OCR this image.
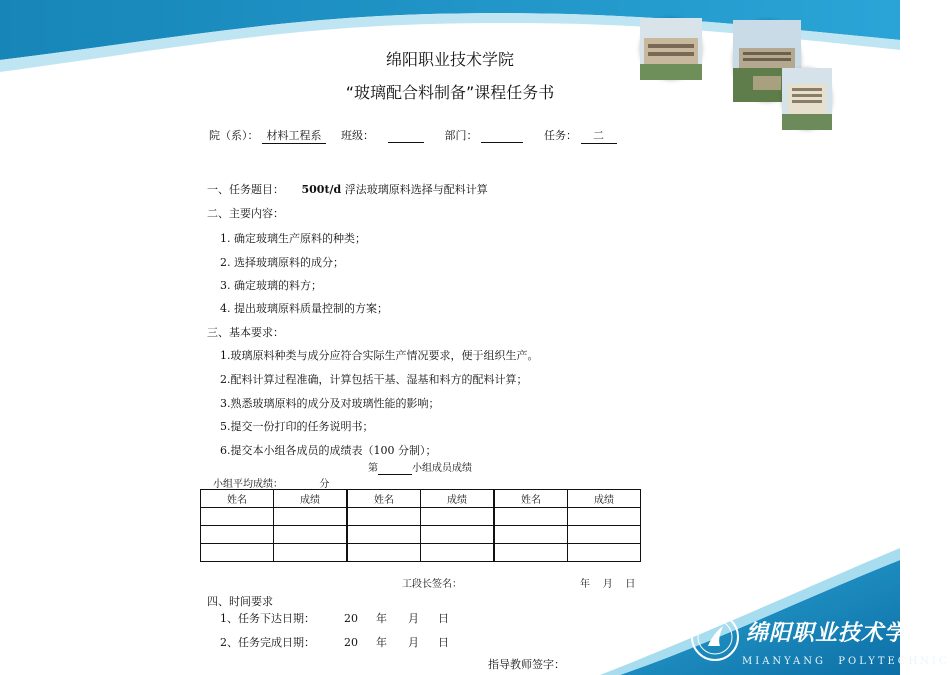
绵阳职业技术学院
“玻璃配合料制备”课程任务书
院（系）： 材料工程系 班级：	部门：	任务： 二
一、任务题目： 500t/d 浮法玻璃原料选择与配料计算
二、主要内容：
1. 确定玻璃生产原料的种类；
2. 选择玻璃原料的成分；
3. 确定玻璃的料方；
4. 提出玻璃原料质量控制的方案；
三、基本要求：
1.玻璃原料种类与成分应符合实际生产情况要求，便于组织生产。
2.配料计算过程准确，计算包括干基、湿基和料方的配料计算；
3.熟悉玻璃原料的成分及对玻璃性能的影响；
5.提交一份打印的任务说明书；
6.提交本小组各成员的成绩表（100 分制）；
第	小组成员成绩
小组平均成绩：	分
姓名	成绩	姓名	成绩	姓名	成绩

工段长签名：	年    月    日
四、时间要求
1、任务下达日期：	20 年 月 日
2、任务完成日期：	20 年 月 日
指导教师签字：
绵阳职业技术学院
MIANYANG  POLYTECHNIC
